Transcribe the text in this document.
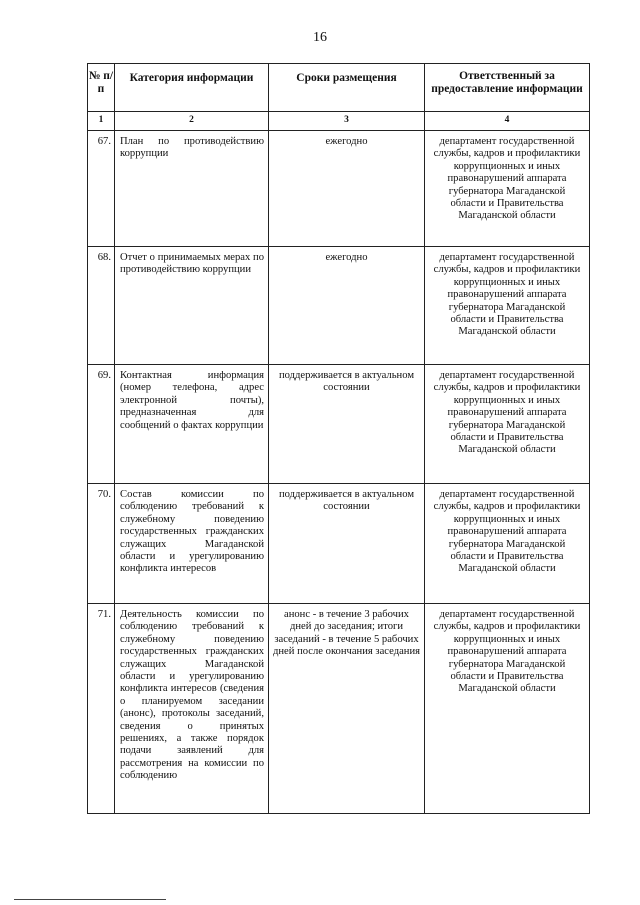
16
№ п/п	Категория информации	Сроки размещения	Ответственный за предоставление информации
1	2	3	4
67.	План по противодействию коррупции	ежегодно	департамент государственной службы, кадров и профилактики коррупционных и иных правонарушений аппарата губернатора Магаданской области и Правительства Магаданской области
68.	Отчет о принимаемых мерах по противодействию коррупции	ежегодно	департамент государственной службы, кадров и профилактики коррупционных и иных правонарушений аппарата губернатора Магаданской области и Правительства Магаданской области
69.	Контактная информация (номер телефона, адрес электронной почты), предназначенная для сообщений о фактах коррупции	поддерживается в актуальном состоянии	департамент государственной службы, кадров и профилактики коррупционных и иных правонарушений аппарата губернатора Магаданской области и Правительства Магаданской области
70.	Состав комиссии по соблюдению требований к служебному поведению государственных гражданских служащих Магаданской области и урегулированию конфликта интересов	поддерживается в актуальном состоянии	департамент государственной службы, кадров и профилактики коррупционных и иных правонарушений аппарата губернатора Магаданской области и Правительства Магаданской области
71.	Деятельность комиссии по соблюдению требований к служебному поведению государственных гражданских служащих Магаданской области и урегулированию конфликта интересов (сведения о планируемом заседании (анонс), протоколы заседаний, сведения о принятых решениях, а также порядок подачи заявлений для рассмотрения на комиссии по соблюдению	анонс - в течение 3 рабочих дней до заседания; итоги заседаний - в течение 5 рабочих дней после окончания заседания	департамент государственной службы, кадров и профилактики коррупционных и иных правонарушений аппарата губернатора Магаданской области и Правительства Магаданской области
